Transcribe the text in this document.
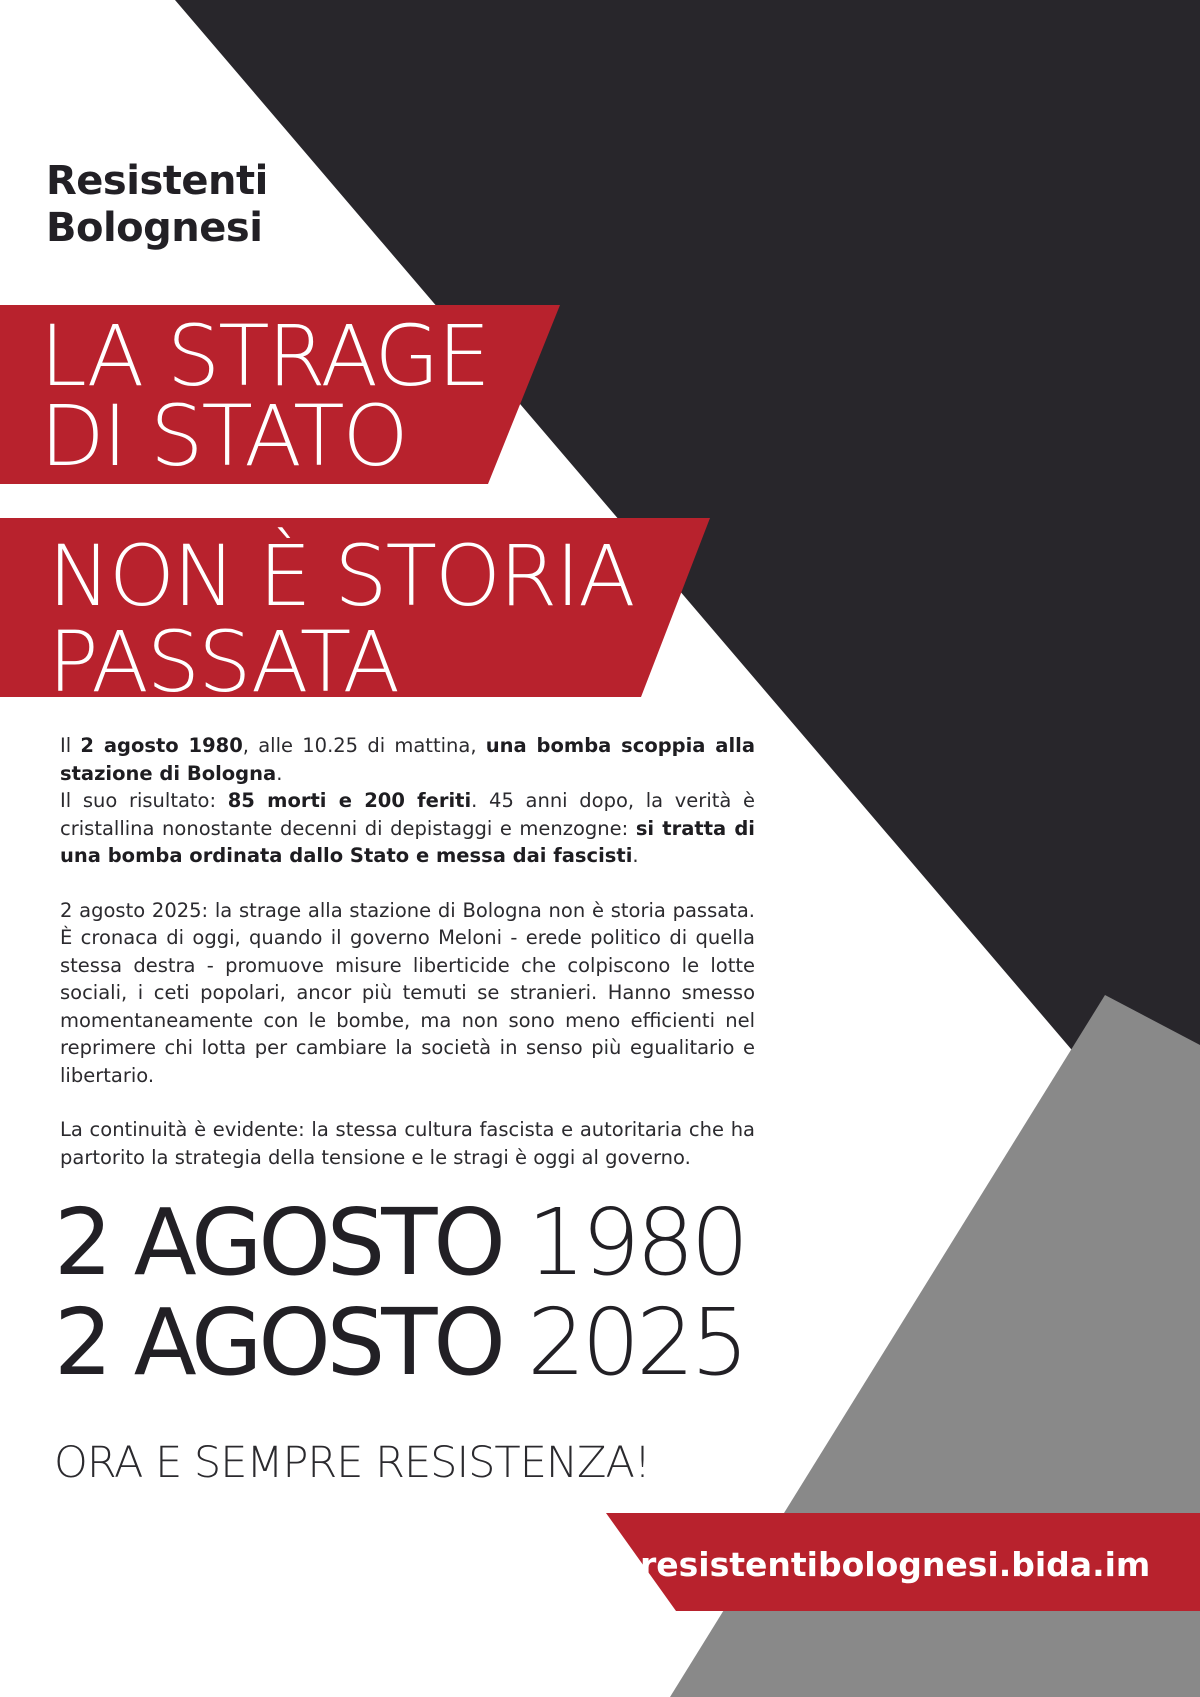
Resistenti
Bolognesi
LA STRAGE
DI STATO
NON È STORIA
PASSATA

Il 2 agosto 1980, alle 10.25 di mattina, una bomba scoppia alla stazione di Bologna.
Il suo risultato: 85 morti e 200 feriti. 45 anni dopo, la verità è cristallina nonostante decenni di depistaggi e menzogne: si tratta di una bomba ordinata dallo Stato e messa dai fascisti.

2 agosto 2025: la strage alla stazione di Bologna non è storia passata. È cronaca di oggi, quando il governo Meloni - erede politico di quella stessa destra - promuove misure liberticide che colpiscono le lotte sociali, i ceti popolari, ancor più temuti se stranieri. Hanno smesso momentaneamente con le bombe, ma non sono meno efficienti nel reprimere chi lotta per cambiare la società in senso più egualitario e libertario.

La continuità è evidente: la stessa cultura fascista e autoritaria che ha partorito la strategia della tensione e le stragi è oggi al governo.

2 AGOSTO 1980
2 AGOSTO 2025
ORA E SEMPRE RESISTENZA!
resistentibolognesi.bida.im
